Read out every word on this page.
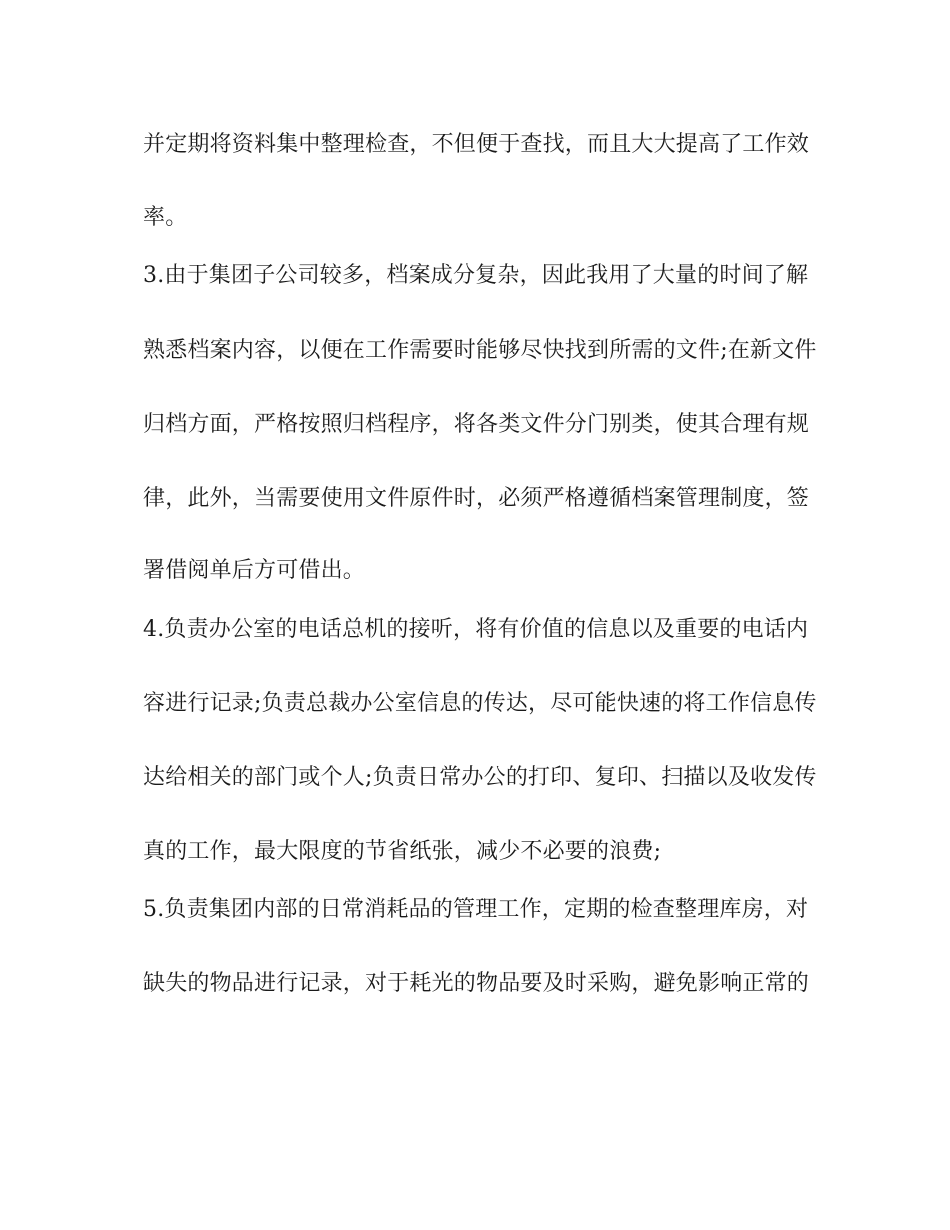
并定期将资料集中整理检查，不但便于查找，而且大大提高了工作效
率。
3.由于集团子公司较多，档案成分复杂，因此我用了大量的时间了解
熟悉档案内容，以便在工作需要时能够尽快找到所需的文件;在新文件
归档方面，严格按照归档程序，将各类文件分门别类，使其合理有规
律，此外，当需要使用文件原件时，必须严格遵循档案管理制度，签
署借阅单后方可借出。
4.负责办公室的电话总机的接听，将有价值的信息以及重要的电话内
容进行记录;负责总裁办公室信息的传达，尽可能快速的将工作信息传
达给相关的部门或个人;负责日常办公的打印、复印、扫描以及收发传
真的工作，最大限度的节省纸张，减少不必要的浪费;
5.负责集团内部的日常消耗品的管理工作，定期的检查整理库房，对
缺失的物品进行记录，对于耗光的物品要及时采购，避免影响正常的
